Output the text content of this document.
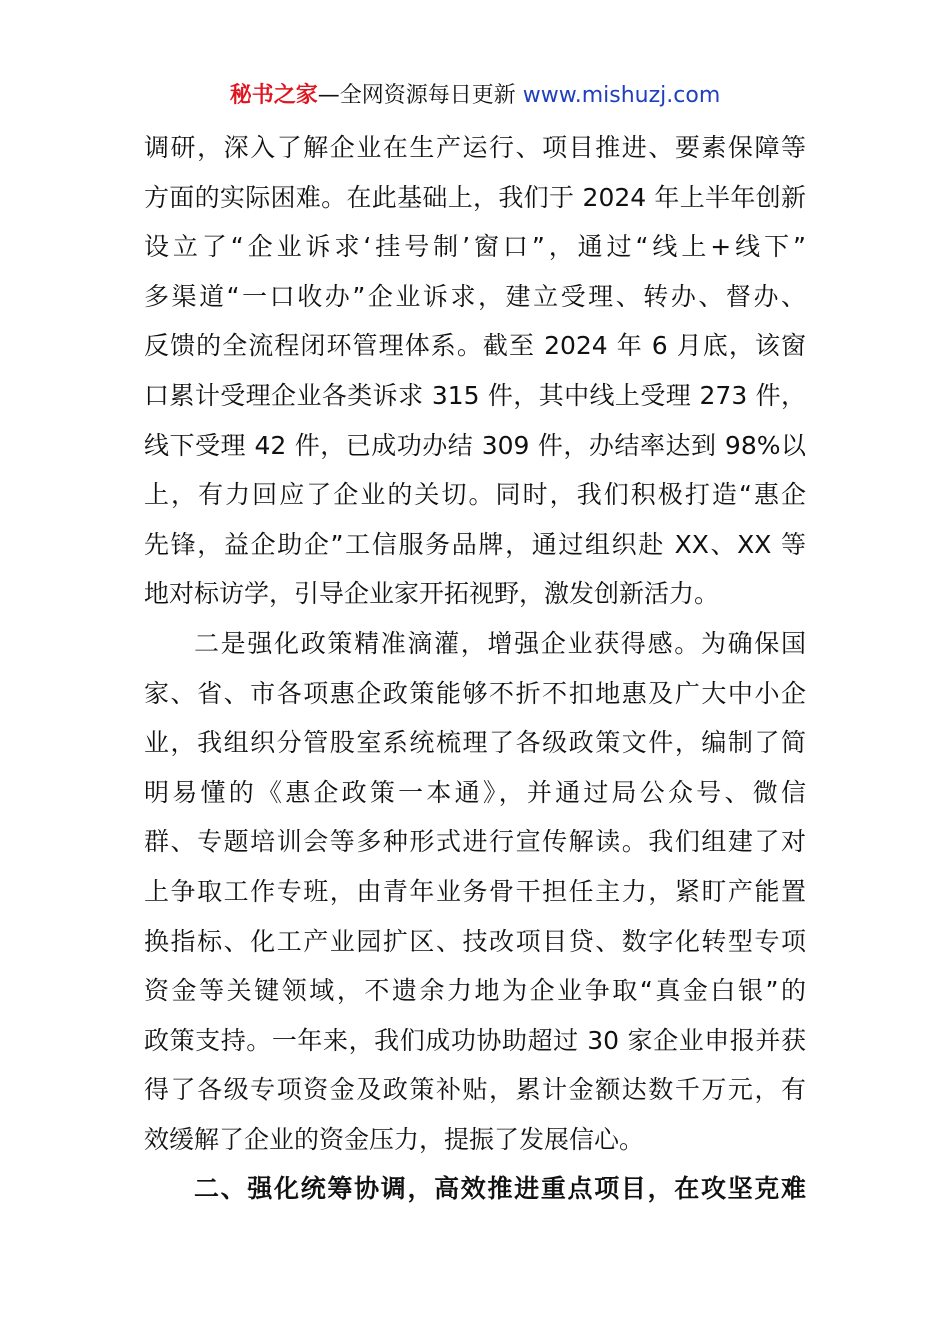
秘书之家—全网资源每日更新 www.mishuzj.com
调研，深入了解企业在生产运行、项目推进、要素保障等
方面的实际困难。在此基础上，我们于 2024 年上半年创新
设立了“企业诉求‘挂号制’窗口”，通过“线上+线下”
多渠道“一口收办”企业诉求，建立受理、转办、督办、
反馈的全流程闭环管理体系。截至 2024 年 6 月底，该窗
口累计受理企业各类诉求 315 件，其中线上受理 273 件，
线下受理 42 件，已成功办结 309 件，办结率达到 98%以
上，有力回应了企业的关切。同时，我们积极打造“惠企
先锋，益企助企”工信服务品牌，通过组织赴 XX、XX 等
地对标访学，引导企业家开拓视野，激发创新活力。
二是强化政策精准滴灌，增强企业获得感。为确保国
家、省、市各项惠企政策能够不折不扣地惠及广大中小企
业，我组织分管股室系统梳理了各级政策文件，编制了简
明易懂的《惠企政策一本通》，并通过局公众号、微信
群、专题培训会等多种形式进行宣传解读。我们组建了对
上争取工作专班，由青年业务骨干担任主力，紧盯产能置
换指标、化工产业园扩区、技改项目贷、数字化转型专项
资金等关键领域，不遗余力地为企业争取“真金白银”的
政策支持。一年来，我们成功协助超过 30 家企业申报并获
得了各级专项资金及政策补贴，累计金额达数千万元，有
效缓解了企业的资金压力，提振了发展信心。
二、强化统筹协调，高效推进重点项目，在攻坚克难
